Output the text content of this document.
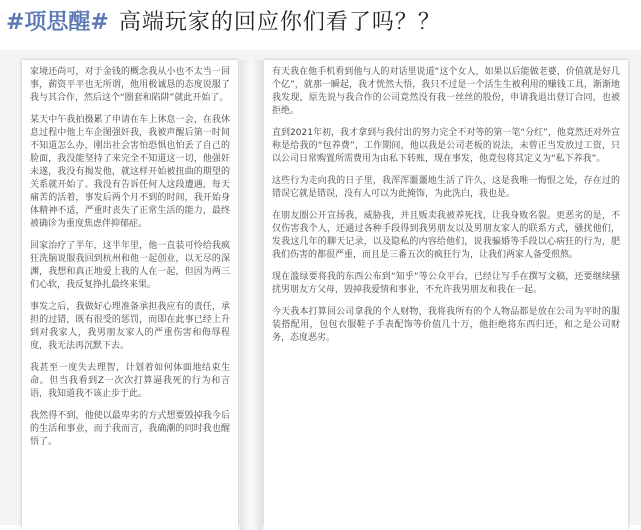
#项思醒# 高端玩家的回应你们看了吗？？

家境还尚可，对于金钱的概念我从小也不太当一回事，薪资平平也无所谓，他用极诚恳的态度说服了我与其合作，然后这个“圈套和陷阱”就此开始了。

某天中午我拍摄累了申请在车上休息一会，在我休息过程中他上车企图强奸我，我被声醒后第一时间不知道怎么办，刚出社会害怕恐惧也怕丢了自己的脸面，我没能坚持了来完全不知道这一切，他强奸未遂，我没有揭发他，就这样开始被扭曲的期望的关系就开始了。我没有告诉任何人这段遭遇，每天痛苦的活着，事发后两个月不到的时间，我开始身体精神不适，严重时丧失了正常生活的能力，最终被确诊为重度焦虑伴抑郁症。

回家治疗了半年，这半年里，他一直装可怜给我疯狂洗脑说服我回到杭州和他一起创业，以无尽的深渊，我想和真正地爱上我的人在一起，但因为两三们心软，我反复挣扎最终来果。

事发之后，我做好心理准备承担我应有的责任，承担的过错，既有很受的惩罚，而即在此事已经上升到对我家人，我男朋友家人的严重伤害和侮辱程度，我无法再沉默下去。

我甚至一度失去理智，计划着如何体面地结束生命。但当我看到Z一次次打算逼我死的行为和言语，我知道我不该止步于此。

我然得不到，他使以最卑劣的方式想要毁掉我今后的生活和事业，而于我而言，我确潮的同时我也醒悟了。

有天我在他手机看到他与人的对话里说道“这个女人，如果以后能做老婆，价值就是好几个亿”，就那一瞬起，我才恍然大悟，我只不过是一个活生生被利用的赚钱工具，渐渐地我发现，原先说与我合作的公司竟然没有我一丝丝的股份，申请我退出登订合同，也被拒绝。

直到2021年初，我才拿到与我付出的努力完全不对等的第一笔“分红”，他竟然还对外宣称是给我的“包养费”，工作期间，他以我是公司老板的说法，未曾正当发放过工资，只以公司日常购置所需费用为由私下转账，现在事发，他竟包将其定义为“私下养我”。

这些行为走向我的日子里，我浑浑噩噩地生活了许久，这是我唯一悔恨之处，存在过的错误它就是错误，没有人可以为此掩饰，为此洗白，我也是。

在朋友圈公开宣扬我，威胁我，并且贩卖我被养死找，让我身败名裂。更恶劣的是，不仅伤害我个人，还通过各种手段得到我男朋友以及男朋友家人的联系方式，骚扰他们，发我这几年的聊天记录，以及隐私的内容给他们，说我骗婚等手段以心病狂的行为，肥我们伤害的都很严重，而且是三番五次的疯狂行为，让我们两家人备受煎熬。

现在滥绿要将我的东西公布到“知乎”等公众平台，已经让写手在撰写文稿，还要继续骚扰男朋友方父母，毁掉我爱情和事业，不允许我男朋友和我在一起。

今天我本打算回公司拿我的个人财物，我将我所有的个人物品都是放在公司为平时的服装搭配用，包包衣服鞋子手表配饰等价值几十万，他拒绝将东西归还，和之是公司财务，态度恶劣。
